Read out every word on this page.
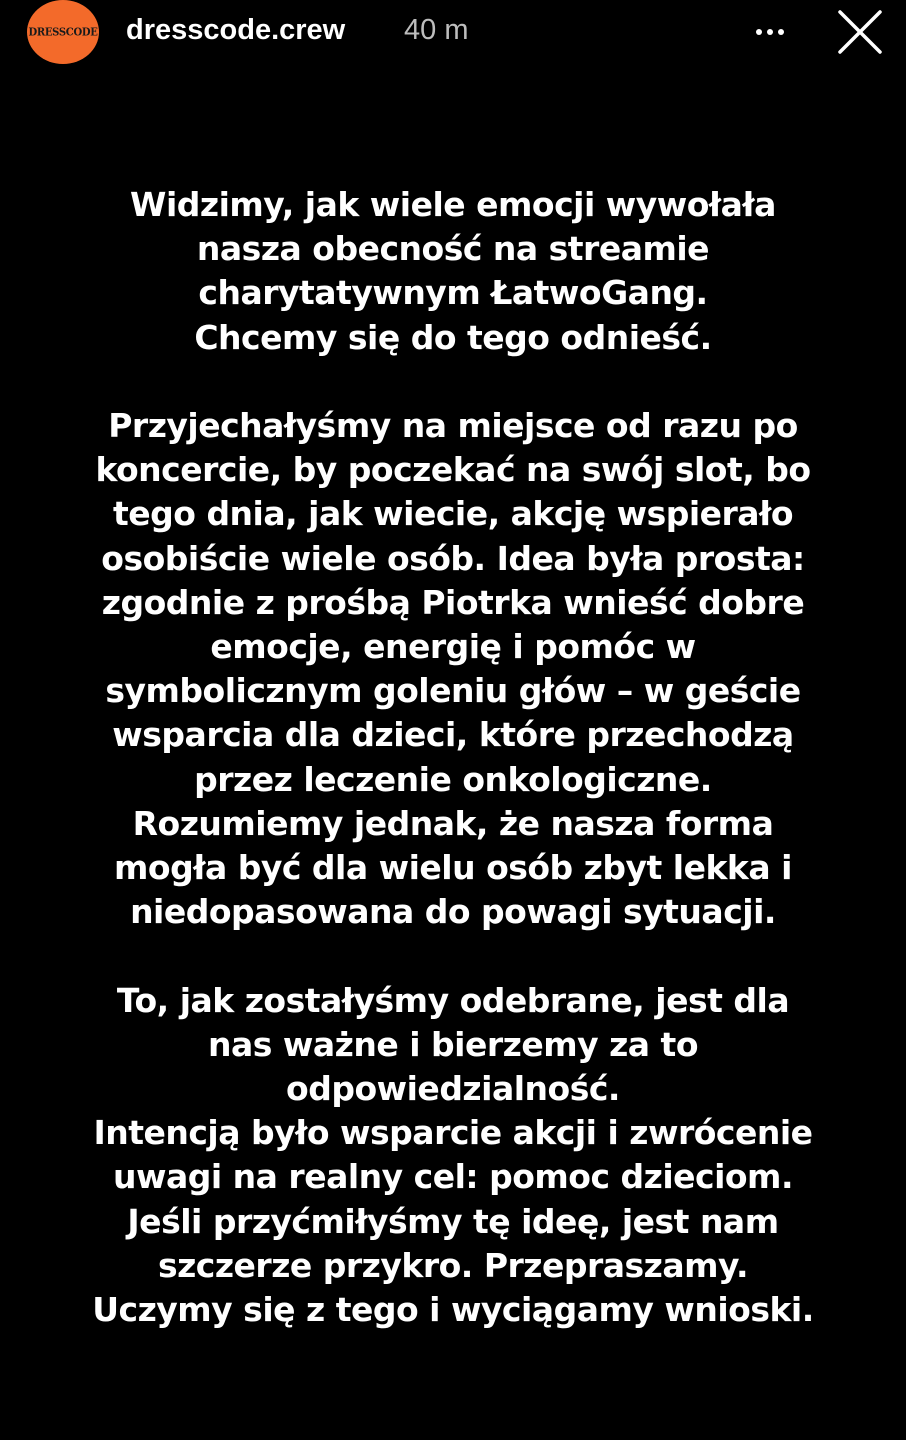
DRESSCODE dresscode.crew 40 m
Widzimy, jak wiele emocji wywołała
nasza obecność na streamie
charytatywnym ŁatwoGang.
Chcemy się do tego odnieść.
Przyjechałyśmy na miejsce od razu po
koncercie, by poczekać na swój slot, bo
tego dnia, jak wiecie, akcję wspierało
osobiście wiele osób. Idea była prosta:
zgodnie z prośbą Piotrka wnieść dobre
emocje, energię i pomóc w
symbolicznym goleniu głów – w geście
wsparcia dla dzieci, które przechodzą
przez leczenie onkologiczne.
Rozumiemy jednak, że nasza forma
mogła być dla wielu osób zbyt lekka i
niedopasowana do powagi sytuacji.
To, jak zostałyśmy odebrane, jest dla
nas ważne i bierzemy za to
odpowiedzialność.
Intencją było wsparcie akcji i zwrócenie
uwagi na realny cel: pomoc dzieciom.
Jeśli przyćmiłyśmy tę ideę, jest nam
szczerze przykro. Przepraszamy.
Uczymy się z tego i wyciągamy wnioski.
